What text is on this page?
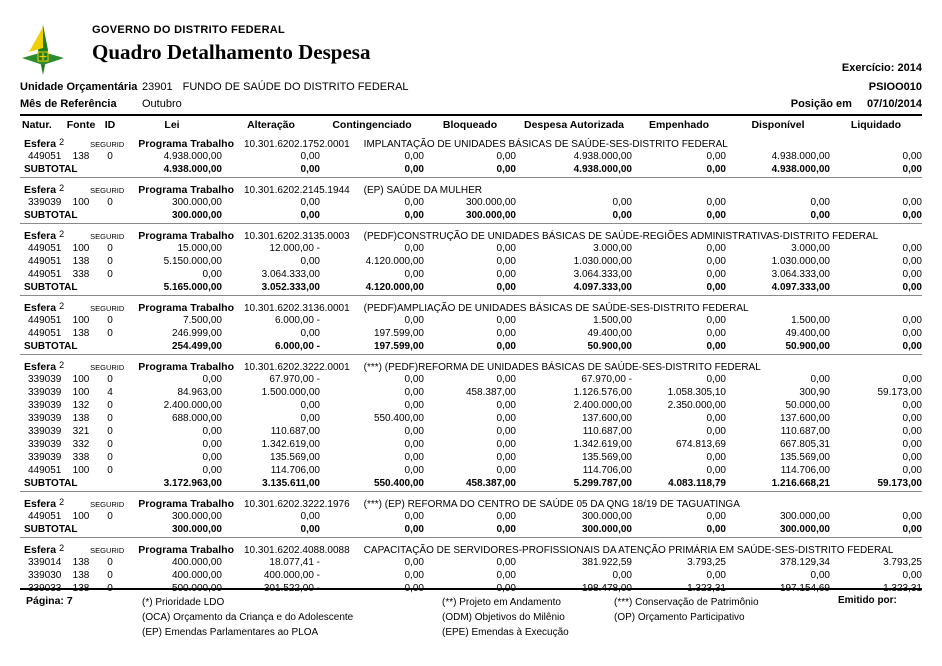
GOVERNO DO DISTRITO FEDERAL
Quadro Detalhamento Despesa
Exercício: 2014
Unidade Orçamentária 23901 FUNDO DE SAÚDE DO DISTRITO FEDERAL	PSIOO010
Mês de Referência	Outubro	Posição em 07/10/2014
Natur.	Fonte ID	Lei	Alteração	Contingenciado	Bloqueado	Despesa Autorizada	Empenhado	Disponível	Liquidado
Esfera 2	SEGURID Programa Trabalho 10.301.6202.1752.0001 IMPLANTAÇÃO DE UNIDADES BÁSICAS DE SAÚDE-SES-DISTRITO FEDERAL
449051	138	0	4.938.000,00	0,00	0,00	0,00	4.938.000,00	0,00	4.938.000,00	0,00
SUBTOTAL	4.938.000,00	0,00	0,00	0,00	4.938.000,00	0,00	4.938.000,00	0,00
Esfera 2	SEGURID Programa Trabalho 10.301.6202.2145.1944 (EP) SAÚDE DA MULHER
339039	100	0	300.000,00	0,00	0,00	300.000,00	0,00	0,00	0,00	0,00
SUBTOTAL	300.000,00	0,00	0,00	300.000,00	0,00	0,00	0,00	0,00
Esfera 2	SEGURID Programa Trabalho 10.301.6202.3135.0003 (PEDF)CONSTRUÇÃO DE UNIDADES BÁSICAS DE SAÚDE-REGIÕES ADMINISTRATIVAS-DISTRITO FEDERAL
449051	100	0	15.000,00	12.000,00 -	0,00	0,00	3.000,00	0,00	3.000,00	0,00
449051	138	0	5.150.000,00	0,00	4.120.000,00	0,00	1.030.000,00	0,00	1.030.000,00	0,00
449051	338	0	0,00	3.064.333,00	0,00	0,00	3.064.333,00	0,00	3.064.333,00	0,00
SUBTOTAL	5.165.000,00	3.052.333,00	4.120.000,00	0,00	4.097.333,00	0,00	4.097.333,00	0,00
Esfera 2	SEGURID Programa Trabalho 10.301.6202.3136.0001 (PEDF)AMPLIAÇÃO DE UNIDADES BÁSICAS DE SAÚDE-SES-DISTRITO FEDERAL
449051	100	0	7.500,00	6.000,00 -	0,00	0,00	1.500,00	0,00	1.500,00	0,00
449051	138	0	246.999,00	0,00	197.599,00	0,00	49.400,00	0,00	49.400,00	0,00
SUBTOTAL	254.499,00	6.000,00 -	197.599,00	0,00	50.900,00	0,00	50.900,00	0,00
Esfera 2	SEGURID Programa Trabalho 10.301.6202.3222.0001 (***) (PEDF)REFORMA DE UNIDADES BÁSICAS DE SAÚDE-SES-DISTRITO FEDERAL
339039	100	0	0,00	67.970,00 -	0,00	0,00	67.970,00 -	0,00	0,00	0,00
339039	100	4	84.963,00	1.500.000,00	0,00	458.387,00	1.126.576,00	1.058.305,10	300,90	59.173,00
339039	132	0	2.400.000,00	0,00	0,00	0,00	2.400.000,00	2.350.000,00	50.000,00	0,00
339039	138	0	688.000,00	0,00	550.400,00	0,00	137.600,00	0,00	137.600,00	0,00
339039	321	0	0,00	110.687,00	0,00	0,00	110.687,00	0,00	110.687,00	0,00
339039	332	0	0,00	1.342.619,00	0,00	0,00	1.342.619,00	674.813,69	667.805,31	0,00
339039	338	0	0,00	135.569,00	0,00	0,00	135.569,00	0,00	135.569,00	0,00
449051	100	0	0,00	114.706,00	0,00	0,00	114.706,00	0,00	114.706,00	0,00
SUBTOTAL	3.172.963,00	3.135.611,00	550.400,00	458.387,00	5.299.787,00	4.083.118,79	1.216.668,21	59.173,00
Esfera 2	SEGURID Programa Trabalho 10.301.6202.3222.1976 (***) (EP) REFORMA DO CENTRO DE SAÚDE 05 DA QNG 18/19 DE TAGUATINGA
449051	100	0	300.000,00	0,00	0,00	0,00	300.000,00	0,00	300.000,00	0,00
SUBTOTAL	300.000,00	0,00	0,00	0,00	300.000,00	0,00	300.000,00	0,00
Esfera 2	SEGURID Programa Trabalho 10.301.6202.4088.0088 CAPACITAÇÃO DE SERVIDORES-PROFISSIONAIS DA ATENÇÃO PRIMÁRIA EM SAÚDE-SES-DISTRITO FEDERAL
339014	138	0	400.000,00	18.077,41 -	0,00	0,00	381.922,59	3.793,25	378.129,34	3.793,25
339030	138	0	400.000,00	400.000,00 -	0,00	0,00	0,00	0,00	0,00	0,00
339033	138	0	500.000,00	301.522,00 -	0,00	0,00	198.478,00	1.323,31	197.154,69	1.323,31
Página: 7	(*) Prioridade LDO
(OCA) Orçamento da Criança e do Adolescente
(EP) Emendas Parlamentares ao PLOA
(**) Projeto em Andamento
(ODM) Objetivos do Milênio
(EPE) Emendas à Execução
(***) Conservação de Patrimônio
(OP) Orçamento Participativo
Emitido por:
